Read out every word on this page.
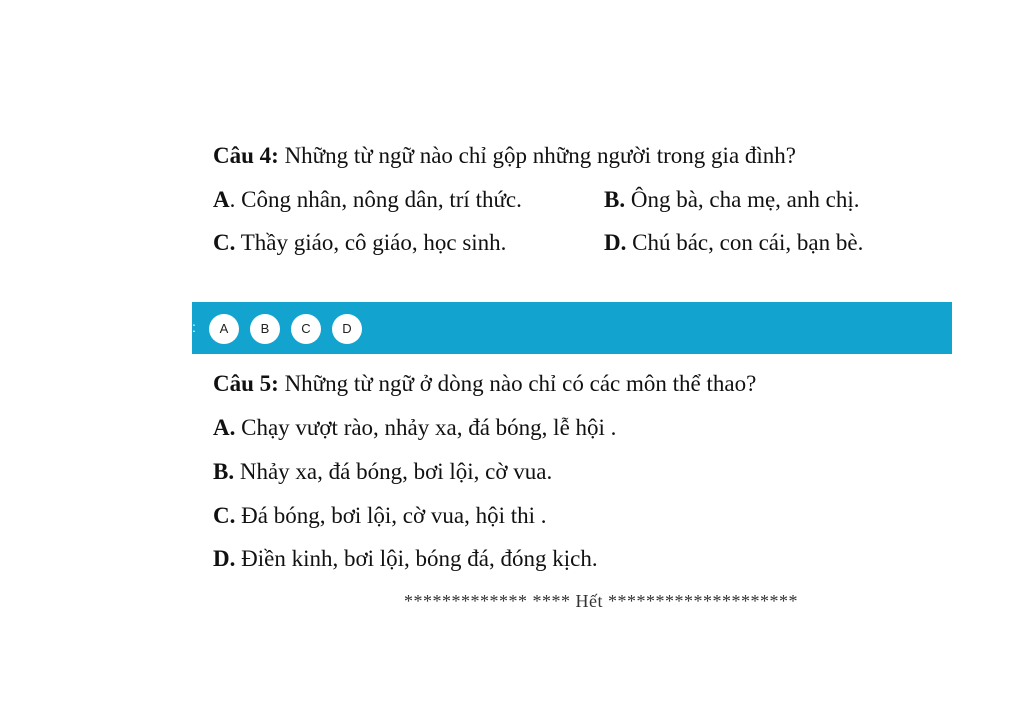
Câu 4: Những từ ngữ nào chỉ gộp những người trong gia đình?
A. Công nhân, nông dân, trí thức.	B. Ông bà, cha mẹ, anh chị.
C. Thầy giáo, cô giáo, học sinh.	D. Chú bác, con cái, bạn bè.
:	A	B	C	D
Câu 5: Những từ ngữ ở dòng nào chỉ có các môn thể thao?
A. Chạy vượt rào, nhảy xa, đá bóng, lễ hội .
B. Nhảy xa, đá bóng, bơi lội, cờ vua.
C. Đá bóng, bơi lội, cờ vua, hội thi .
D. Điền kinh, bơi lội, bóng đá, đóng kịch.
************* **** Hết ********************
